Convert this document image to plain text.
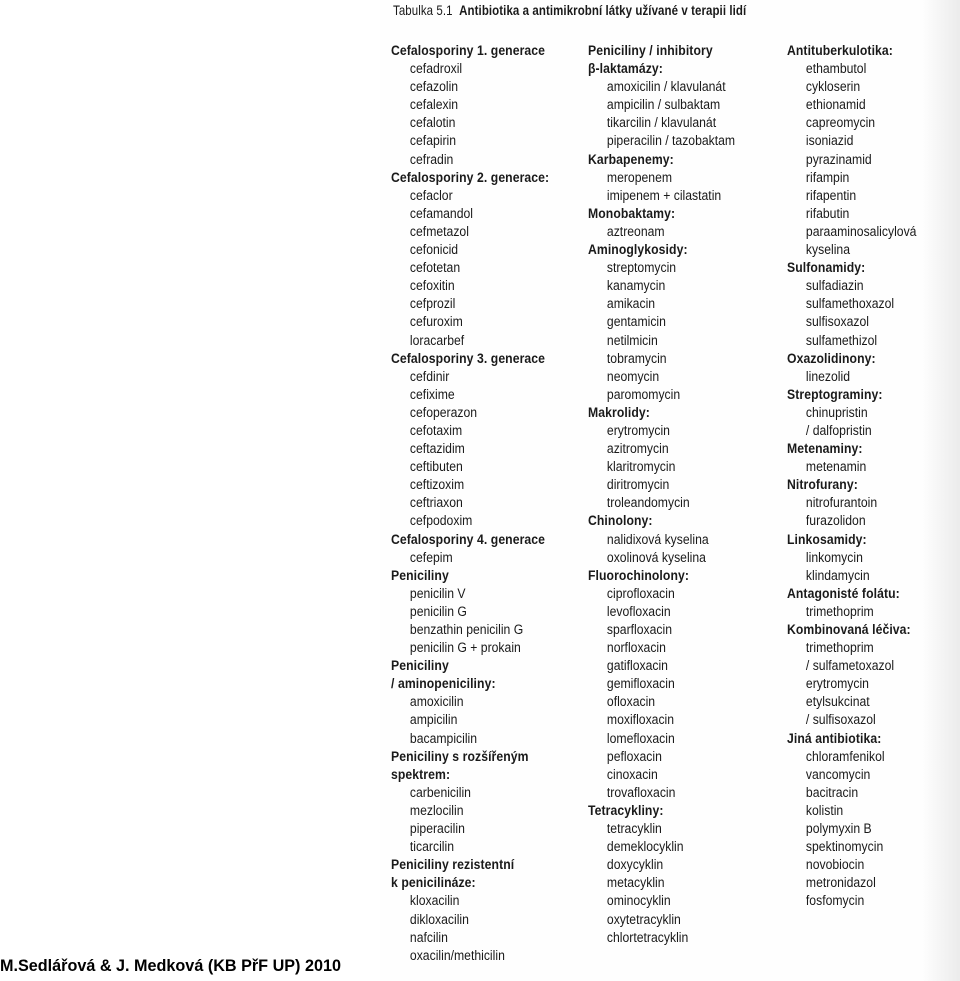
Tabulka 5.1 Antibiotika a antimikrobní látky užívané v terapii lidí
Cefalosporiny 1. generace
cefadroxil
cefazolin
cefalexin
cefalotin
cefapirin
cefradin
Cefalosporiny 2. generace:
cefaclor
cefamandol
cefmetazol
cefonicid
cefotetan
cefoxitin
cefprozil
cefuroxim
loracarbef
Cefalosporiny 3. generace
cefdinir
cefixime
cefoperazon
cefotaxim
ceftazidim
ceftibuten
ceftizoxim
ceftriaxon
cefpodoxim
Cefalosporiny 4. generace
cefepim
Peniciliny
penicilin V
penicilin G
benzathin penicilin G
penicilin G + prokain
Peniciliny
/ aminopeniciliny:
amoxicilin
ampicilin
bacampicilin
Peniciliny s rozšířeným
spektrem:
carbenicilin
mezlocilin
piperacilin
ticarcilin
Peniciliny rezistentní
k penicilináze:
kloxacilin
dikloxacilin
nafcilin
oxacilin/methicilin
Peniciliny / inhibitory
β-laktamázy:
amoxicilin / klavulanát
ampicilin / sulbaktam
tikarcilin / klavulanát
piperacilin / tazobaktam
Karbapenemy:
meropenem
imipenem + cilastatin
Monobaktamy:
aztreonam
Aminoglykosidy:
streptomycin
kanamycin
amikacin
gentamicin
netilmicin
tobramycin
neomycin
paromomycin
Makrolidy:
erytromycin
azitromycin
klaritromycin
diritromycin
troleandomycin
Chinolony:
nalidixová kyselina
oxolinová kyselina
Fluorochinolony:
ciprofloxacin
levofloxacin
sparfloxacin
norfloxacin
gatifloxacin
gemifloxacin
ofloxacin
moxifloxacin
lomefloxacin
pefloxacin
cinoxacin
trovafloxacin
Tetracykliny:
tetracyklin
demeklocyklin
doxycyklin
metacyklin
ominocyklin
oxytetracyklin
chlortetracyklin
Antituberkulotika:
ethambutol
cykloserin
ethionamid
capreomycin
isoniazid
pyrazinamid
rifampin
rifapentin
rifabutin
paraaminosalicylová
kyselina
Sulfonamidy:
sulfadiazin
sulfamethoxazol
sulfisoxazol
sulfamethizol
Oxazolidinony:
linezolid
Streptograminy:
chinupristin
/ dalfopristin
Metenaminy:
metenamin
Nitrofurany:
nitrofurantoin
furazolidon
Linkosamidy:
linkomycin
klindamycin
Antagonisté folátu:
trimethoprim
Kombinovaná léčiva:
trimethoprim
/ sulfametoxazol
erytromycin
etylsukcinat
/ sulfisoxazol
Jiná antibiotika:
chloramfenikol
vancomycin
bacitracin
kolistin
polymyxin B
spektinomycin
novobiocin
metronidazol
fosfomycin

M.Sedlářová & J. Medková (KB PřF UP) 2010
